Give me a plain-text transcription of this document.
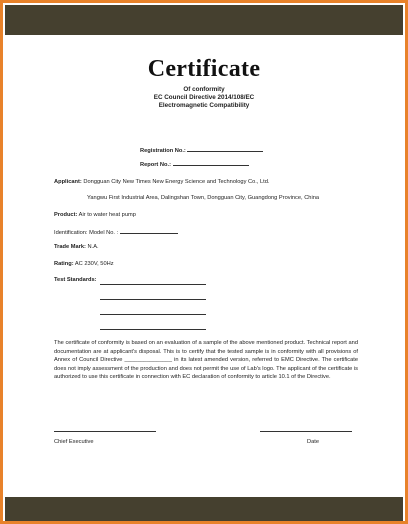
Certificate
Of conformity
EC Council Directive 2014/108/EC
Electromagnetic Compatibility
Registration No.:
Report No.:
Applicant: Dongguan City New Times New Energy Science and Technology Co., Ltd.
Yangwu First Industrial Area, Dalingshan Town, Dongguan City, Guangdong Province, China
Product: Air to water heat pump
Identification: Model No. :
Trade Mark: N.A.
Rating: AC 230V, 50Hz
Test Standards:
The certificate of conformity is based on an evaluation of a sample of the above mentioned product. Technical report and documentation are at applicant's disposal. This is to certify that the tested sample is in conformity with all provisions of Annex of Council Directive _______________ in its latest amended version, referred to EMC Directive. The certificate does not imply assessment of the production and does not permit the use of Lab's logo. The applicant of the certificate is authorized to use this certificate in connection with EC declaration of conformity to article 10.1 of the Directive.
Chief Executive	Date
